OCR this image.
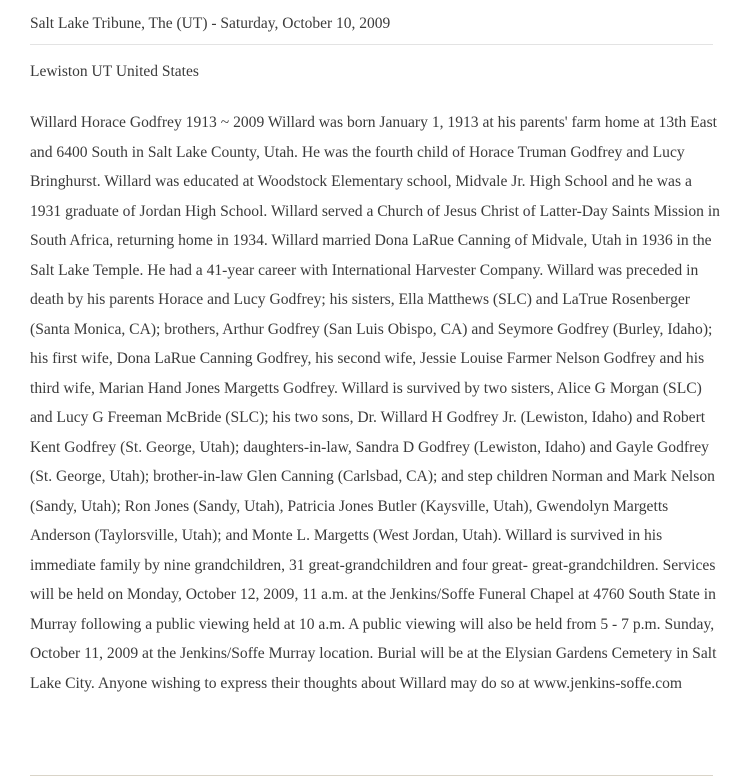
Salt Lake Tribune, The (UT) - Saturday, October 10, 2009
Lewiston UT United States
Willard Horace Godfrey 1913 ~ 2009 Willard was born January 1, 1913 at his parents' farm home at 13th East and 6400 South in Salt Lake County, Utah. He was the fourth child of Horace Truman Godfrey and Lucy Bringhurst. Willard was educated at Woodstock Elementary school, Midvale Jr. High School and he was a 1931 graduate of Jordan High School. Willard served a Church of Jesus Christ of Latter-Day Saints Mission in South Africa, returning home in 1934. Willard married Dona LaRue Canning of Midvale, Utah in 1936 in the Salt Lake Temple. He had a 41-year career with International Harvester Company. Willard was preceded in death by his parents Horace and Lucy Godfrey; his sisters, Ella Matthews (SLC) and LaTrue Rosenberger (Santa Monica, CA); brothers, Arthur Godfrey (San Luis Obispo, CA) and Seymore Godfrey (Burley, Idaho); his first wife, Dona LaRue Canning Godfrey, his second wife, Jessie Louise Farmer Nelson Godfrey and his third wife, Marian Hand Jones Margetts Godfrey. Willard is survived by two sisters, Alice G Morgan (SLC) and Lucy G Freeman McBride (SLC); his two sons, Dr. Willard H Godfrey Jr. (Lewiston, Idaho) and Robert Kent Godfrey (St. George, Utah); daughters-in-law, Sandra D Godfrey (Lewiston, Idaho) and Gayle Godfrey (St. George, Utah); brother-in-law Glen Canning (Carlsbad, CA); and step children Norman and Mark Nelson (Sandy, Utah); Ron Jones (Sandy, Utah), Patricia Jones Butler (Kaysville, Utah), Gwendolyn Margetts Anderson (Taylorsville, Utah); and Monte L. Margetts (West Jordan, Utah). Willard is survived in his immediate family by nine grandchildren, 31 great-grandchildren and four great- great-grandchildren. Services will be held on Monday, October 12, 2009, 11 a.m. at the Jenkins/Soffe Funeral Chapel at 4760 South State in Murray following a public viewing held at 10 a.m. A public viewing will also be held from 5 - 7 p.m. Sunday, October 11, 2009 at the Jenkins/Soffe Murray location. Burial will be at the Elysian Gardens Cemetery in Salt Lake City. Anyone wishing to express their thoughts about Willard may do so at www.jenkins-soffe.com
